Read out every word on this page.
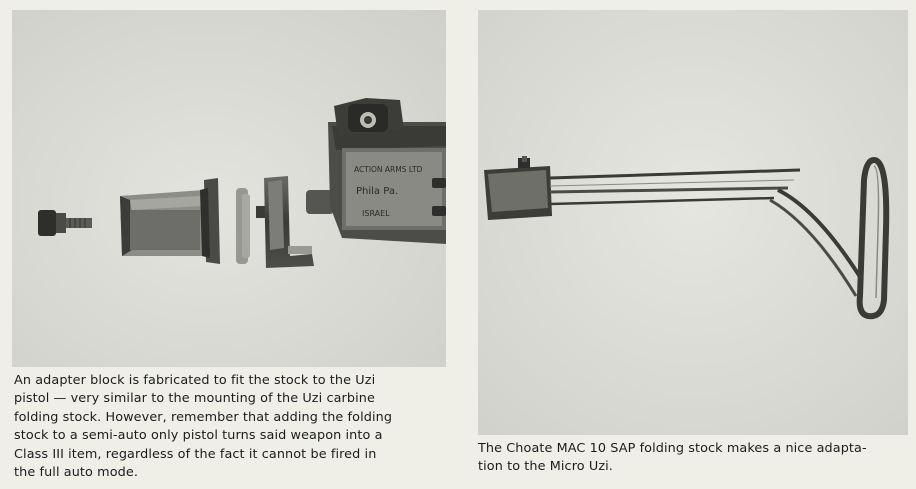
ACTION ARMS LTD
Phila Pa.
ISRAEL
An adapter block is fabricated to fit the stock to the Uzi
pistol — very similar to the mounting of the Uzi carbine
folding stock. However, remember that adding the folding
stock to a semi-auto only pistol turns said weapon into a
Class III item, regardless of the fact it cannot be fired in
the full auto mode.
The Choate MAC 10 SAP folding stock makes a nice adapta-
tion to the Micro Uzi.
